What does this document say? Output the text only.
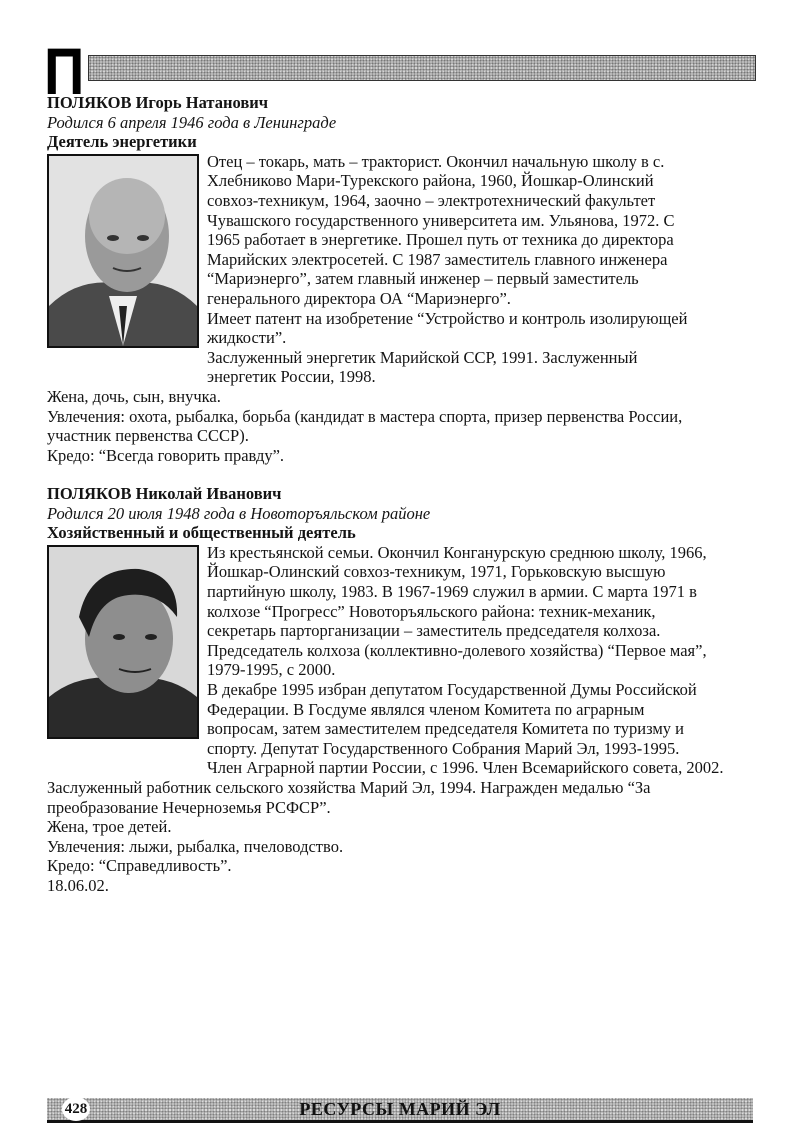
П
ПОЛЯКОВ Игорь Натанович
Родился 6 апреля 1946 года в Ленинграде
Деятель энергетики
Отец – токарь, мать – тракторист. Окончил начальную школу в с.
Хлебниково Мари-Турекского района, 1960, Йошкар-Олинский
совхоз-техникум, 1964, заочно – электротехнический факультет
Чувашского государственного университета им. Ульянова, 1972. С
1965 работает в энергетике. Прошел путь от техника до директора
Марийских электросетей. С 1987 заместитель главного инженера
“Мариэнерго”, затем главный инженер – первый заместитель
генерального директора ОА “Мариэнерго”.
Имеет патент на изобретение “Устройство и контроль изолирующей
жидкости”.
Заслуженный энергетик Марийской ССР, 1991. Заслуженный
энергетик России, 1998.
Жена, дочь, сын, внучка.
Увлечения: охота, рыбалка, борьба (кандидат в мастера спорта, призер первенства России,
участник первенства СССР).
Кредо: “Всегда говорить правду”.
ПОЛЯКОВ Николай Иванович
Родился 20 июля 1948 года в Новоторъяльском районе
Хозяйственный и общественный деятель
Из крестьянской семьи. Окончил Конганурскую среднюю школу, 1966,
Йошкар-Олинский совхоз-техникум, 1971, Горьковскую высшую
партийную школу, 1983. В 1967-1969 служил в армии. С марта 1971 в
колхозе “Прогресс” Новоторъяльского района: техник-механик,
секретарь парторганизации – заместитель председателя колхоза.
Председатель колхоза (коллективно-долевого хозяйства) “Первое мая”,
1979-1995, с 2000.
В декабре 1995 избран депутатом Государственной Думы Российской
Федерации. В Госдуме являлся членом Комитета по аграрным
вопросам, затем заместителем председателя Комитета по туризму и
спорту. Депутат Государственного Собрания Марий Эл, 1993-1995.
Член Аграрной партии России, с 1996. Член Всемарийского совета, 2002.
Заслуженный работник сельского хозяйства Марий Эл, 1994. Награжден медалью “За
преобразование Нечерноземья РСФСР”.
Жена, трое детей.
Увлечения: лыжи, рыбалка, пчеловодство.
Кредо: “Справедливость”.
18.06.02.
428	РЕСУРСЫ МАРИЙ ЭЛ
